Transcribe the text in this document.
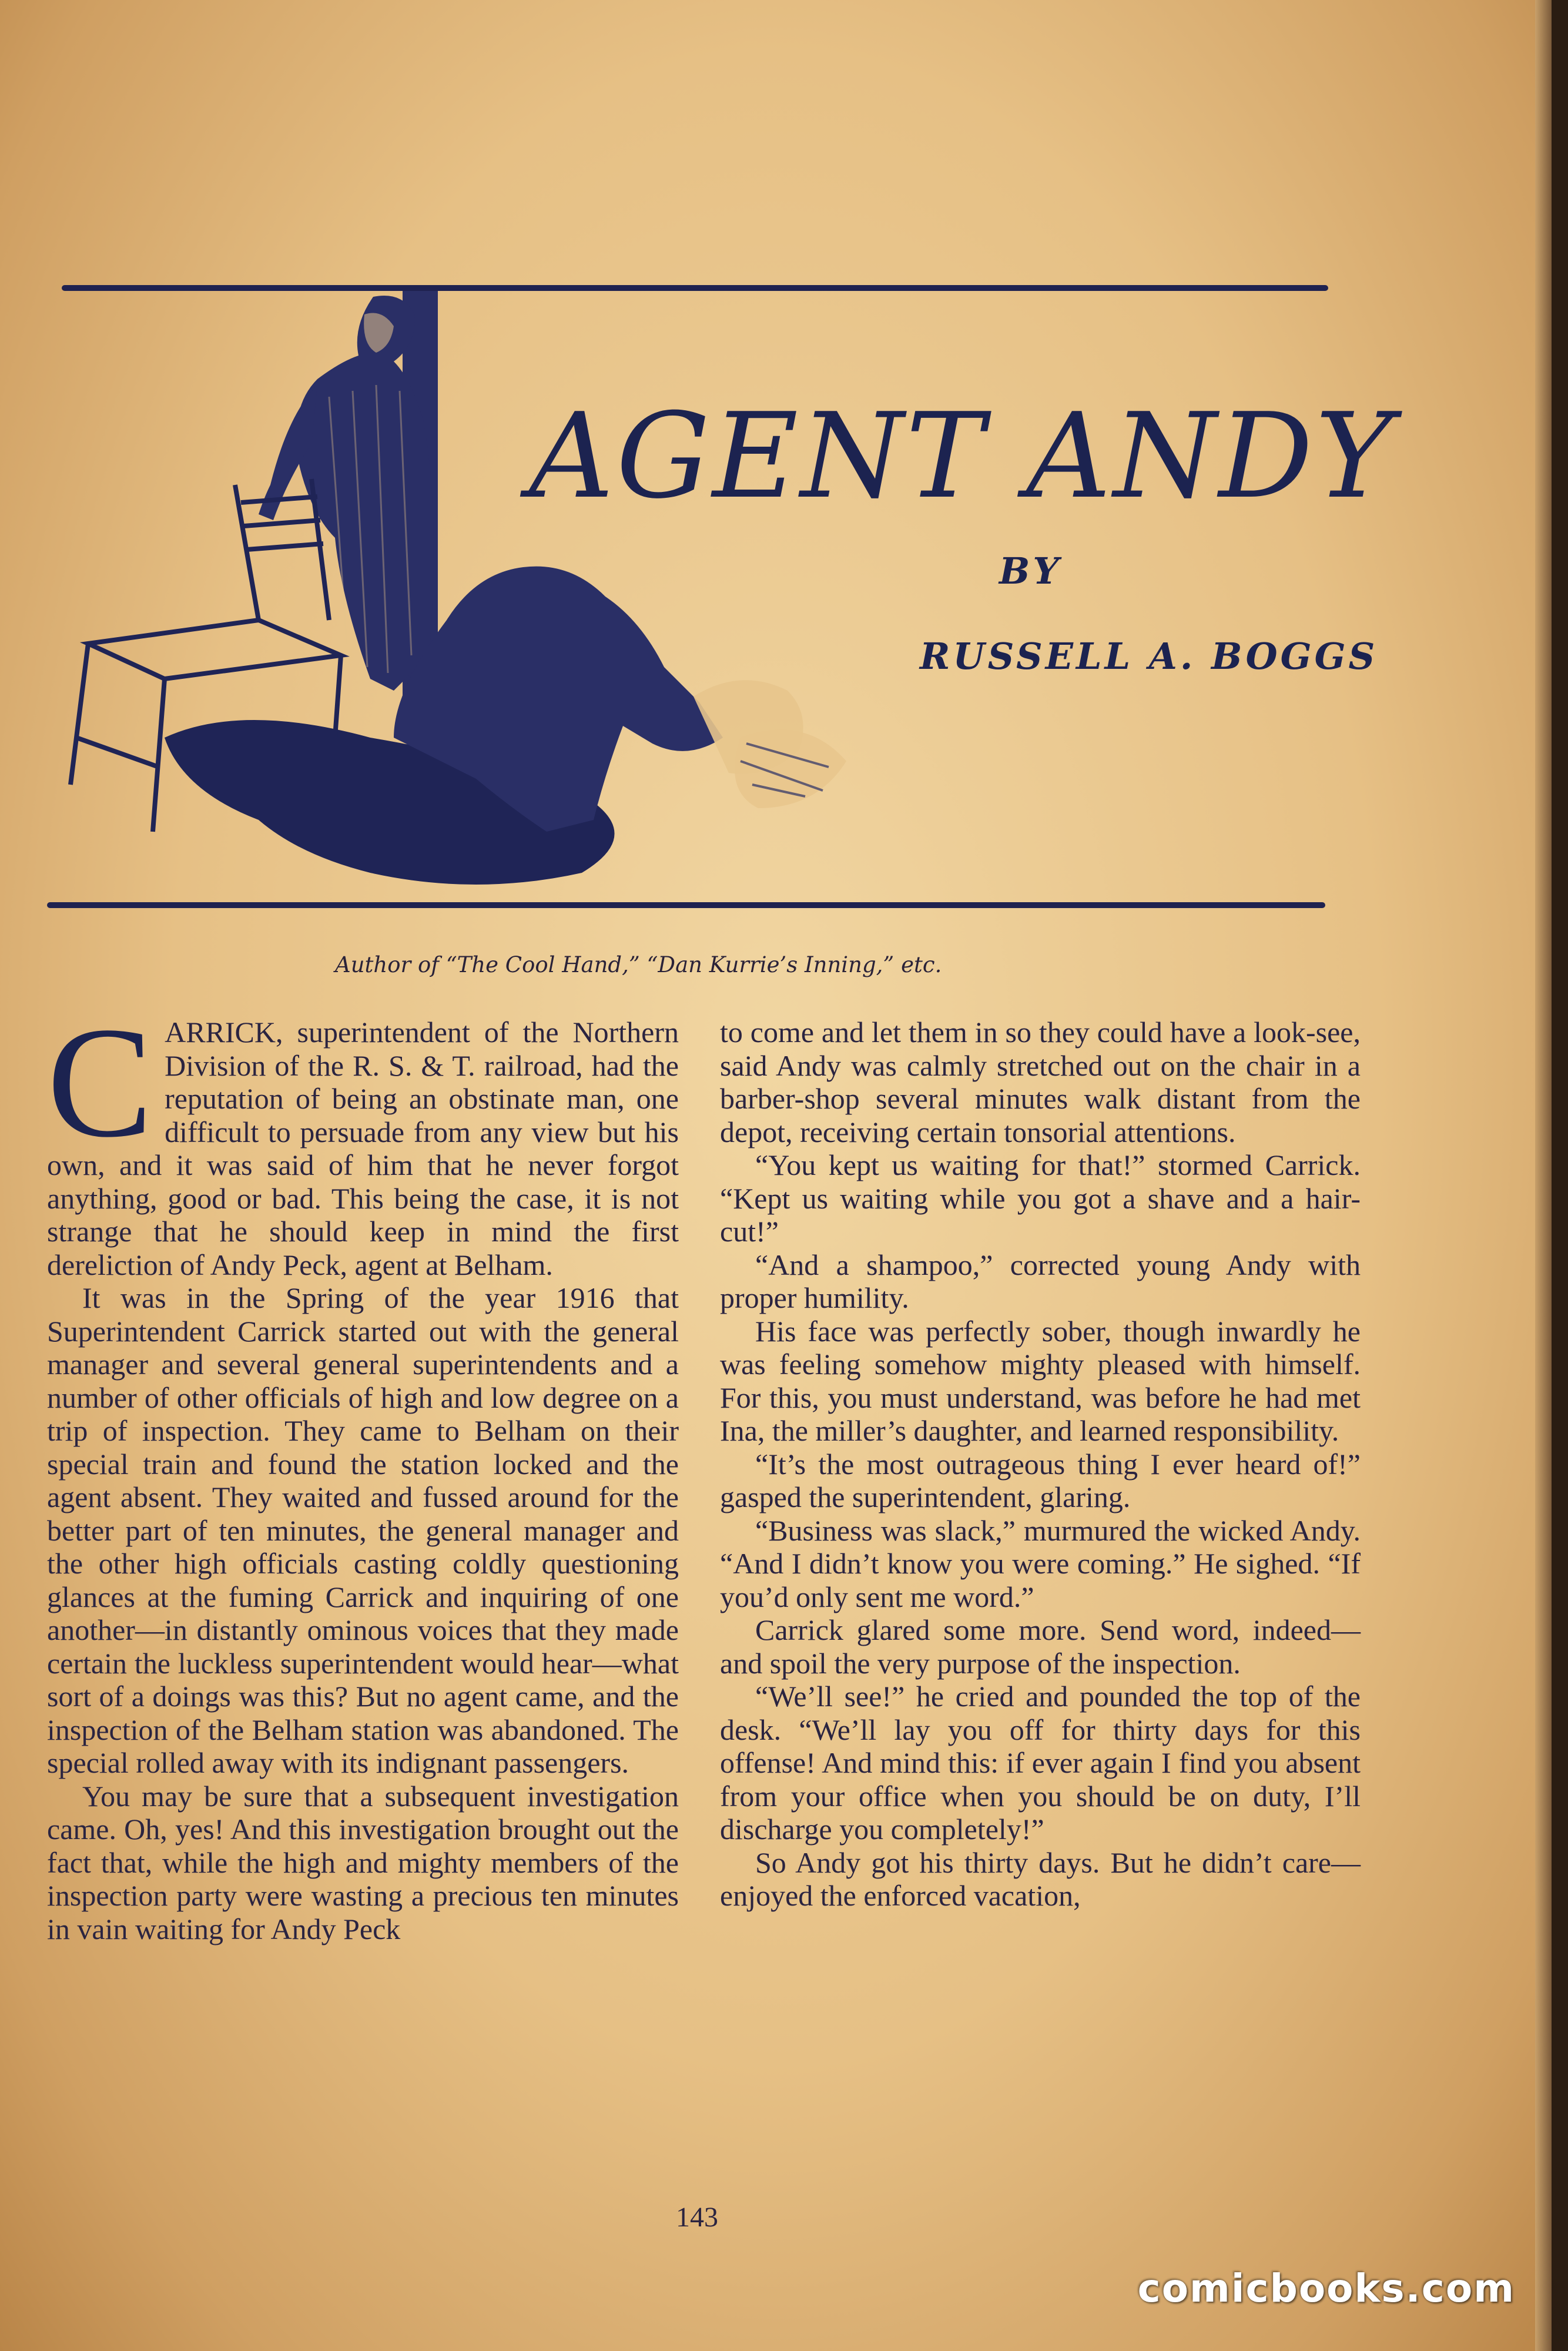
AGENT ANDY
BY
RUSSELL A. BOGGS
Author of “The Cool Hand,” “Dan Kurrie’s Inning,” etc.

CARRICK, superintendent of the Northern Division of the R. S. & T. railroad, had the reputation of being an obstinate man, one difficult to persuade from any view but his own, and it was said of him that he never forgot anything, good or bad. This being the case, it is not strange that he should keep in mind the first dereliction of Andy Peck, agent at Belham.

It was in the Spring of the year 1916 that Superintendent Carrick started out with the general manager and several general superintendents and a number of other officials of high and low degree on a trip of inspection. They came to Belham on their special train and found the station locked and the agent absent. They waited and fussed around for the better part of ten minutes, the general manager and the other high officials casting coldly questioning glances at the fuming Carrick and inquiring of one another—in distantly ominous voices that they made certain the luckless superintendent would hear—what sort of a doings was this? But no agent came, and the inspection of the Belham station was abandoned. The special rolled away with its indignant passengers.

You may be sure that a subsequent investigation came. Oh, yes! And this investigation brought out the fact that, while the high and mighty members of the inspection party were wasting a precious ten minutes in vain waiting for Andy Peck

to come and let them in so they could have a look-see, said Andy was calmly stretched out on the chair in a barber-shop several minutes walk distant from the depot, receiving certain tonsorial attentions.

“You kept us waiting for that!” stormed Carrick. “Kept us waiting while you got a shave and a hair-cut!”

“And a shampoo,” corrected young Andy with proper humility.

His face was perfectly sober, though inwardly he was feeling somehow mighty pleased with himself. For this, you must understand, was before he had met Ina, the miller’s daughter, and learned responsibility.

“It’s the most outrageous thing I ever heard of!” gasped the superintendent, glaring.

“Business was slack,” murmured the wicked Andy. “And I didn’t know you were coming.” He sighed. “If you’d only sent me word.”

Carrick glared some more. Send word, indeed—and spoil the very purpose of the inspection.

“We’ll see!” he cried and pounded the top of the desk. “We’ll lay you off for thirty days for this offense! And mind this: if ever again I find you absent from your office when you should be on duty, I’ll discharge you completely!”

So Andy got his thirty days. But he didn’t care—enjoyed the enforced vacation,

143
comicbooks.com
